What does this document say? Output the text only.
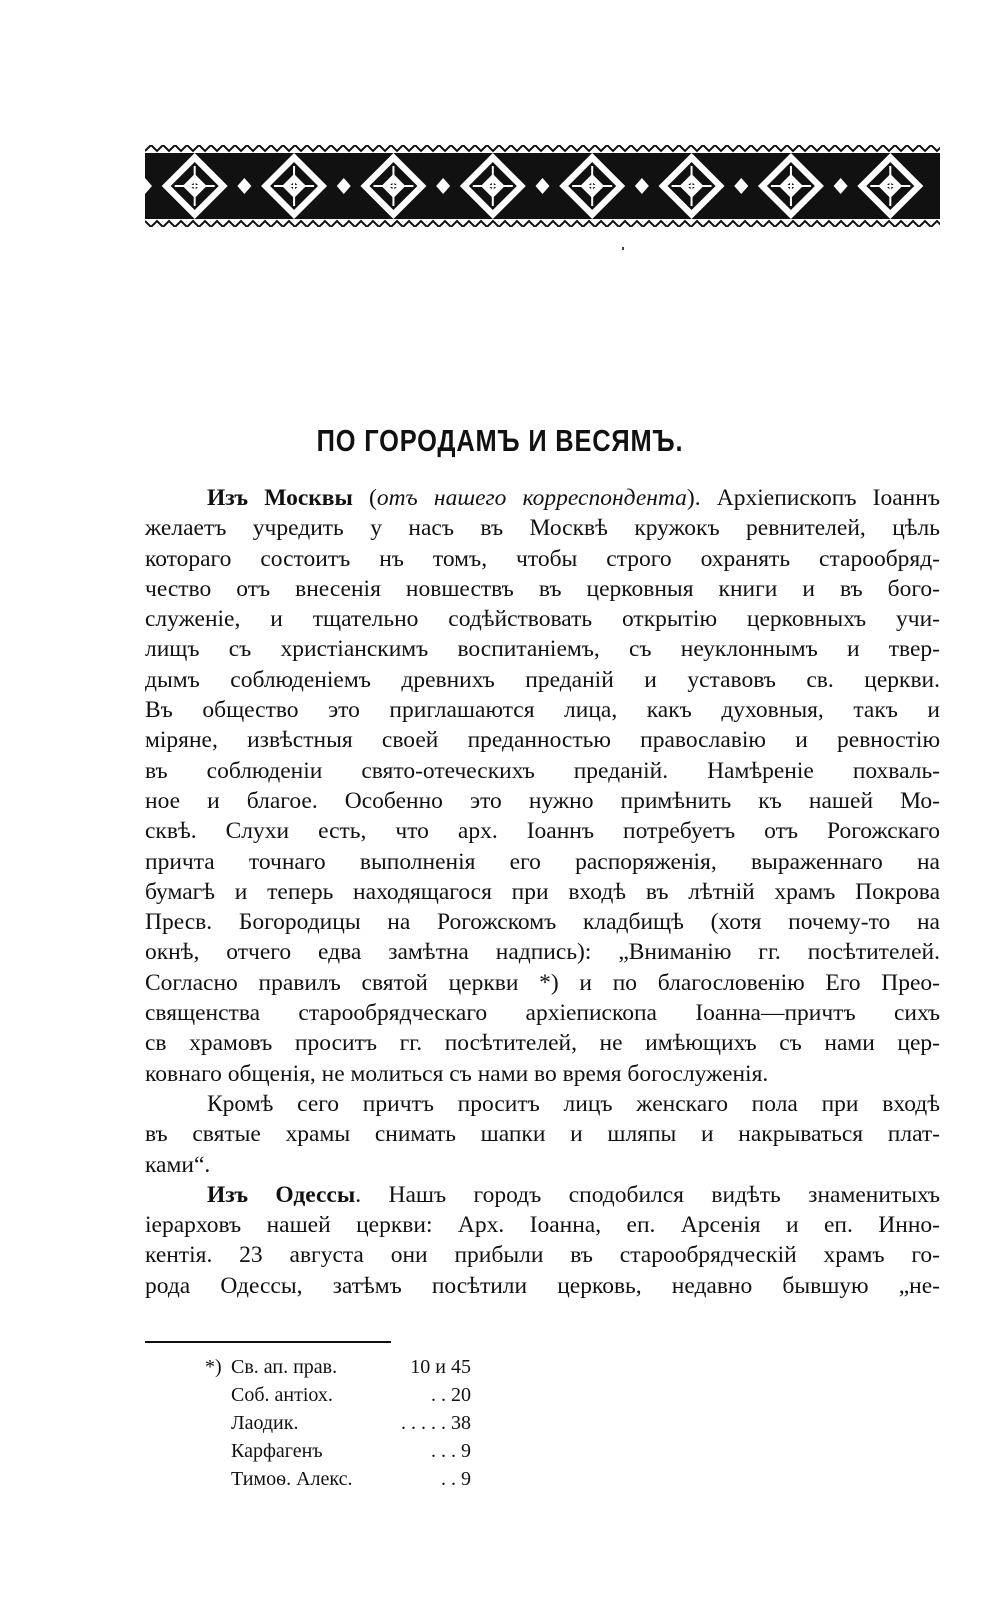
ПО ГОРОДАМЪ И ВЕСЯМЪ.
Изъ Москвы (отъ нашего корреспондента). Архіепископъ Іоаннъ
желаетъ учредить у насъ въ Москвѣ кружокъ ревнителей, цѣль
котораго состоитъ нъ томъ, чтобы строго охранять старообряд-
чество отъ внесенія новшествъ въ церковныя книги и въ бого-
служеніе, и тщательно содѣйствовать открытію церковныхъ учи-
лищъ съ христіанскимъ воспитаніемъ, съ неуклоннымъ и твер-
дымъ соблюденіемъ древнихъ преданій и уставовъ св. церкви.
Въ общество это приглашаются лица, какъ духовныя, такъ и
міряне, извѣстныя своей преданностью православію и ревностію
въ соблюденіи свято-отеческихъ преданій. Намѣреніе похваль-
ное и благое. Особенно это нужно примѣнить къ нашей Мо-
сквѣ. Слухи есть, что арх. Іоаннъ потребуетъ отъ Рогожскаго
причта точнаго выполненія его распоряженія, выраженнаго на
бумагѣ и теперь находящагося при входѣ въ лѣтній храмъ Покрова
Пресв. Богородицы на Рогожскомъ кладбищѣ (хотя почему-то на
окнѣ, отчего едва замѣтна надпись): „Вниманію гг. посѣтителей.
Согласно правилъ святой церкви *) и по благословенію Его Прео-
священства старообрядческаго архіепископа Іоанна—причтъ сихъ
св храмовъ проситъ гг. посѣтителей, не имѣющихъ съ нами цер-
ковнаго общенія, не молиться съ нами во время богослуженія.
Кромѣ сего причтъ проситъ лицъ женскаго пола при входѣ
въ святые храмы снимать шапки и шляпы и накрываться плат-
ками“.
Изъ Одессы. Нашъ городъ сподобился видѣть знаменитыхъ
іерарховъ нашей церкви: Арх. Іоанна, еп. Арсенія и еп. Инно-
кентія. 23 августа они прибыли въ старообрядческій храмъ го-
рода Одессы, затѣмъ посѣтили церковь, недавно бывшую „не-
*) Св. ап. прав.	10 и 45
Соб. антіох.	. . 20
Лаодик.	. . . . . 38
Карфагенъ	. . . 9
Тимоѳ. Алекс.	. . 9
